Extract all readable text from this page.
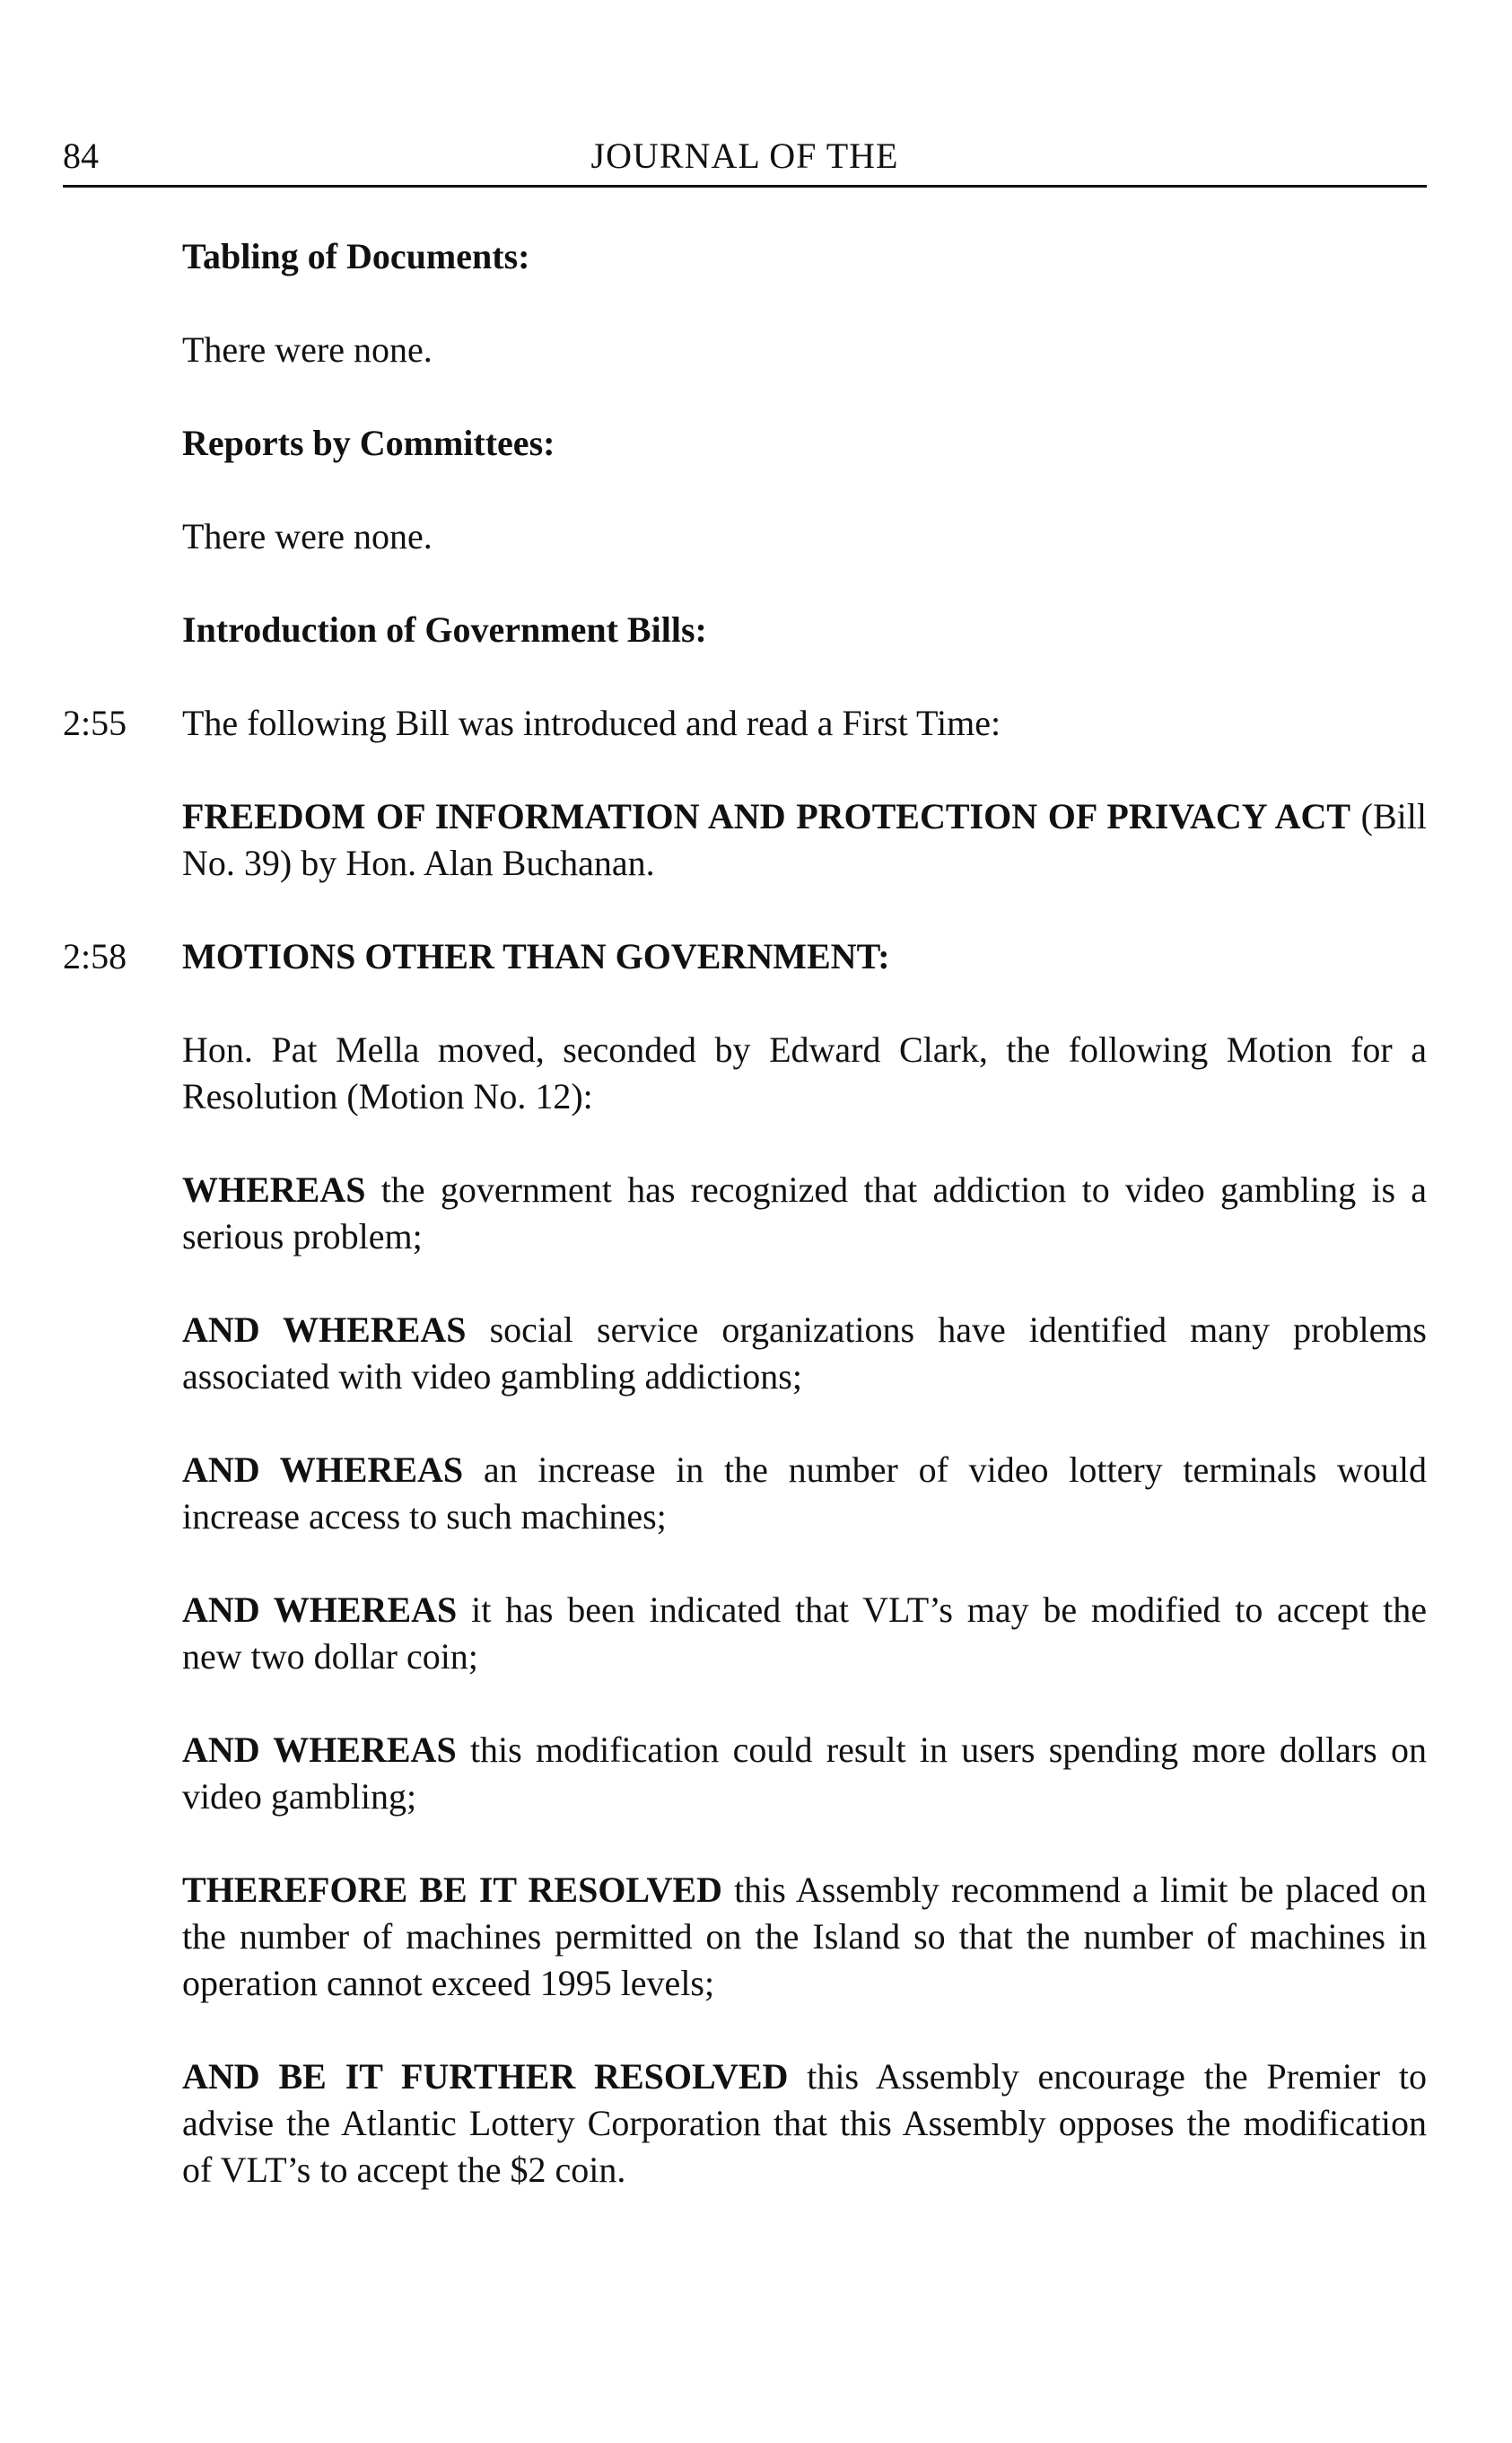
84	JOURNAL OF THE
Tabling of Documents:
There were none.
Reports by Committees:
There were none.
Introduction of Government Bills:
2:55 The following Bill was introduced and read a First Time:
FREEDOM OF INFORMATION AND PROTECTION OF PRIVACY ACT (Bill No. 39) by Hon. Alan Buchanan.
2:58 MOTIONS OTHER THAN GOVERNMENT:
Hon. Pat Mella moved, seconded by Edward Clark, the following Motion for a Resolution (Motion No. 12):
WHEREAS the government has recognized that addiction to video gambling is a serious problem;
AND WHEREAS social service organizations have identified many problems associated with video gambling addictions;
AND WHEREAS an increase in the number of video lottery terminals would increase access to such machines;
AND WHEREAS it has been indicated that VLT’s may be modified to accept the new two dollar coin;
AND WHEREAS this modification could result in users spending more dollars on video gambling;
THEREFORE BE IT RESOLVED this Assembly recommend a limit be placed on the number of machines permitted on the Island so that the number of machines in operation cannot exceed 1995 levels;
AND BE IT FURTHER RESOLVED this Assembly encourage the Premier to advise the Atlantic Lottery Corporation that this Assembly opposes the modification of VLT’s to accept the $2 coin.
